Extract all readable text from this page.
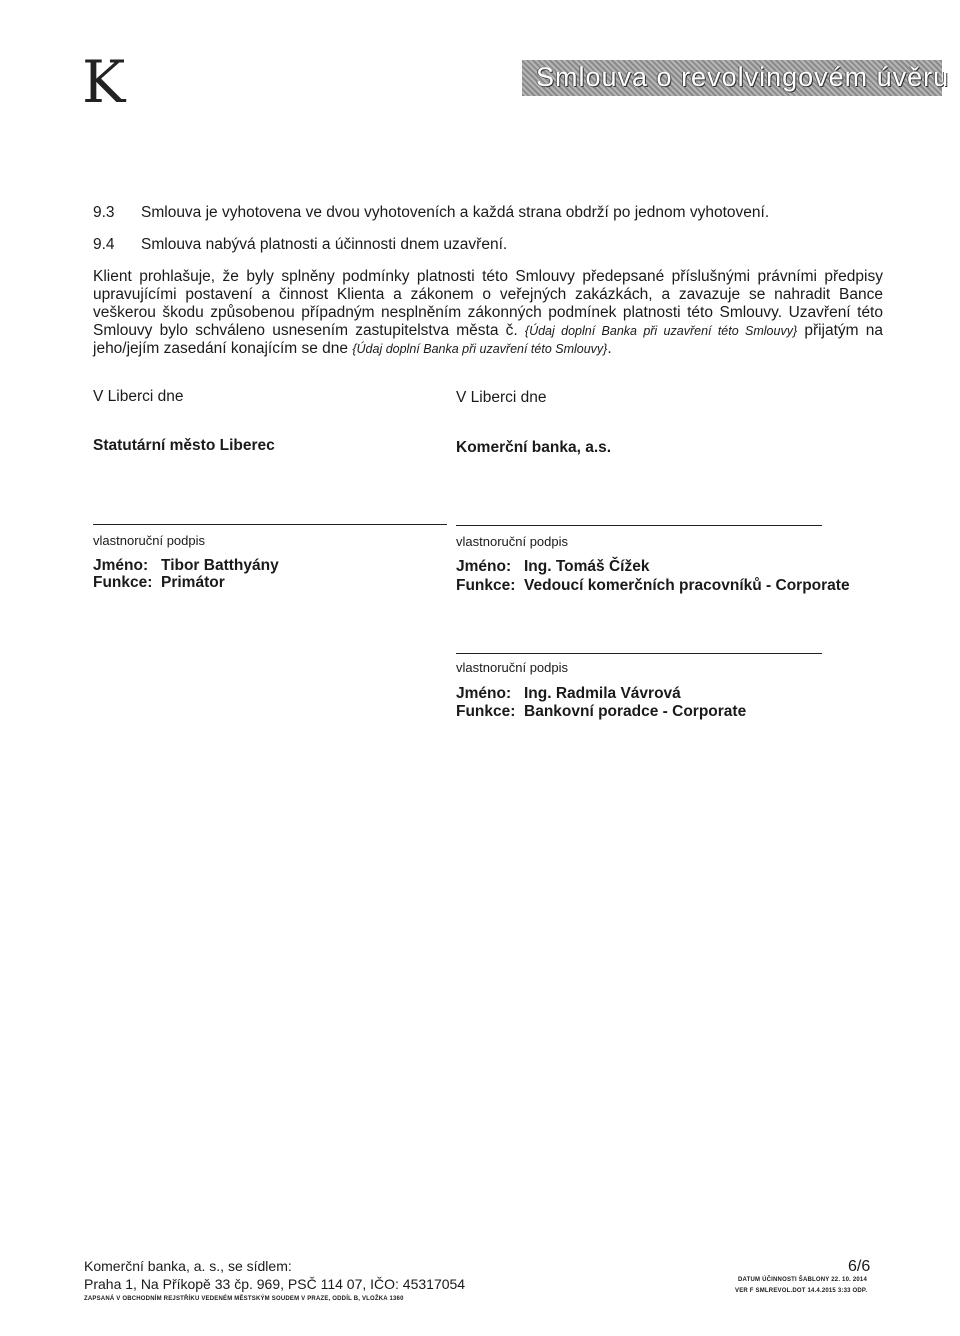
K	Smlouva o revolvingovém úvěru
9.3 Smlouva je vyhotovena ve dvou vyhotoveních a každá strana obdrží po jednom vyhotovení.
9.4 Smlouva nabývá platnosti a účinnosti dnem uzavření.
Klient prohlašuje, že byly splněny podmínky platnosti této Smlouvy předepsané příslušnými právními předpisy upravujícími postavení a činnost Klienta a zákonem o veřejných zakázkách, a zavazuje se nahradit Bance veškerou škodu způsobenou případným nesplněním zákonných podmínek platnosti této Smlouvy. Uzavření této Smlouvy bylo schváleno usnesením zastupitelstva města č. {Údaj doplní Banka při uzavření této Smlouvy} přijatým na jeho/jejím zasedání konajícím se dne {Údaj doplní Banka při uzavření této Smlouvy}.
V Liberci dne
Statutární město Liberec
vlastnoruční podpis
Jméno: Tibor Batthyány
Funkce: Primátor
V Liberci dne
Komerční banka, a.s.
vlastnoruční podpis
Jméno: Ing. Tomáš Čížek
Funkce: Vedoucí komerčních pracovníků - Corporate
vlastnoruční podpis
Jméno: Ing. Radmila Vávrová
Funkce: Bankovní poradce - Corporate
Komerční banka, a. s., se sídlem:
Praha 1, Na Příkopě 33 čp. 969, PSČ 114 07, IČO: 45317054
ZAPSANÁ V OBCHODNÍM REJSTŘÍKU VEDENÉM MĚSTSKÝM SOUDEM V PRAZE, ODDÍL B, VLOŽKA 1360
6/6
DATUM ÚČINNOSTI ŠABLONY 22. 10. 2014
VER F SMLREVOL.DOT 14.4.2015 3:33 ODP.
